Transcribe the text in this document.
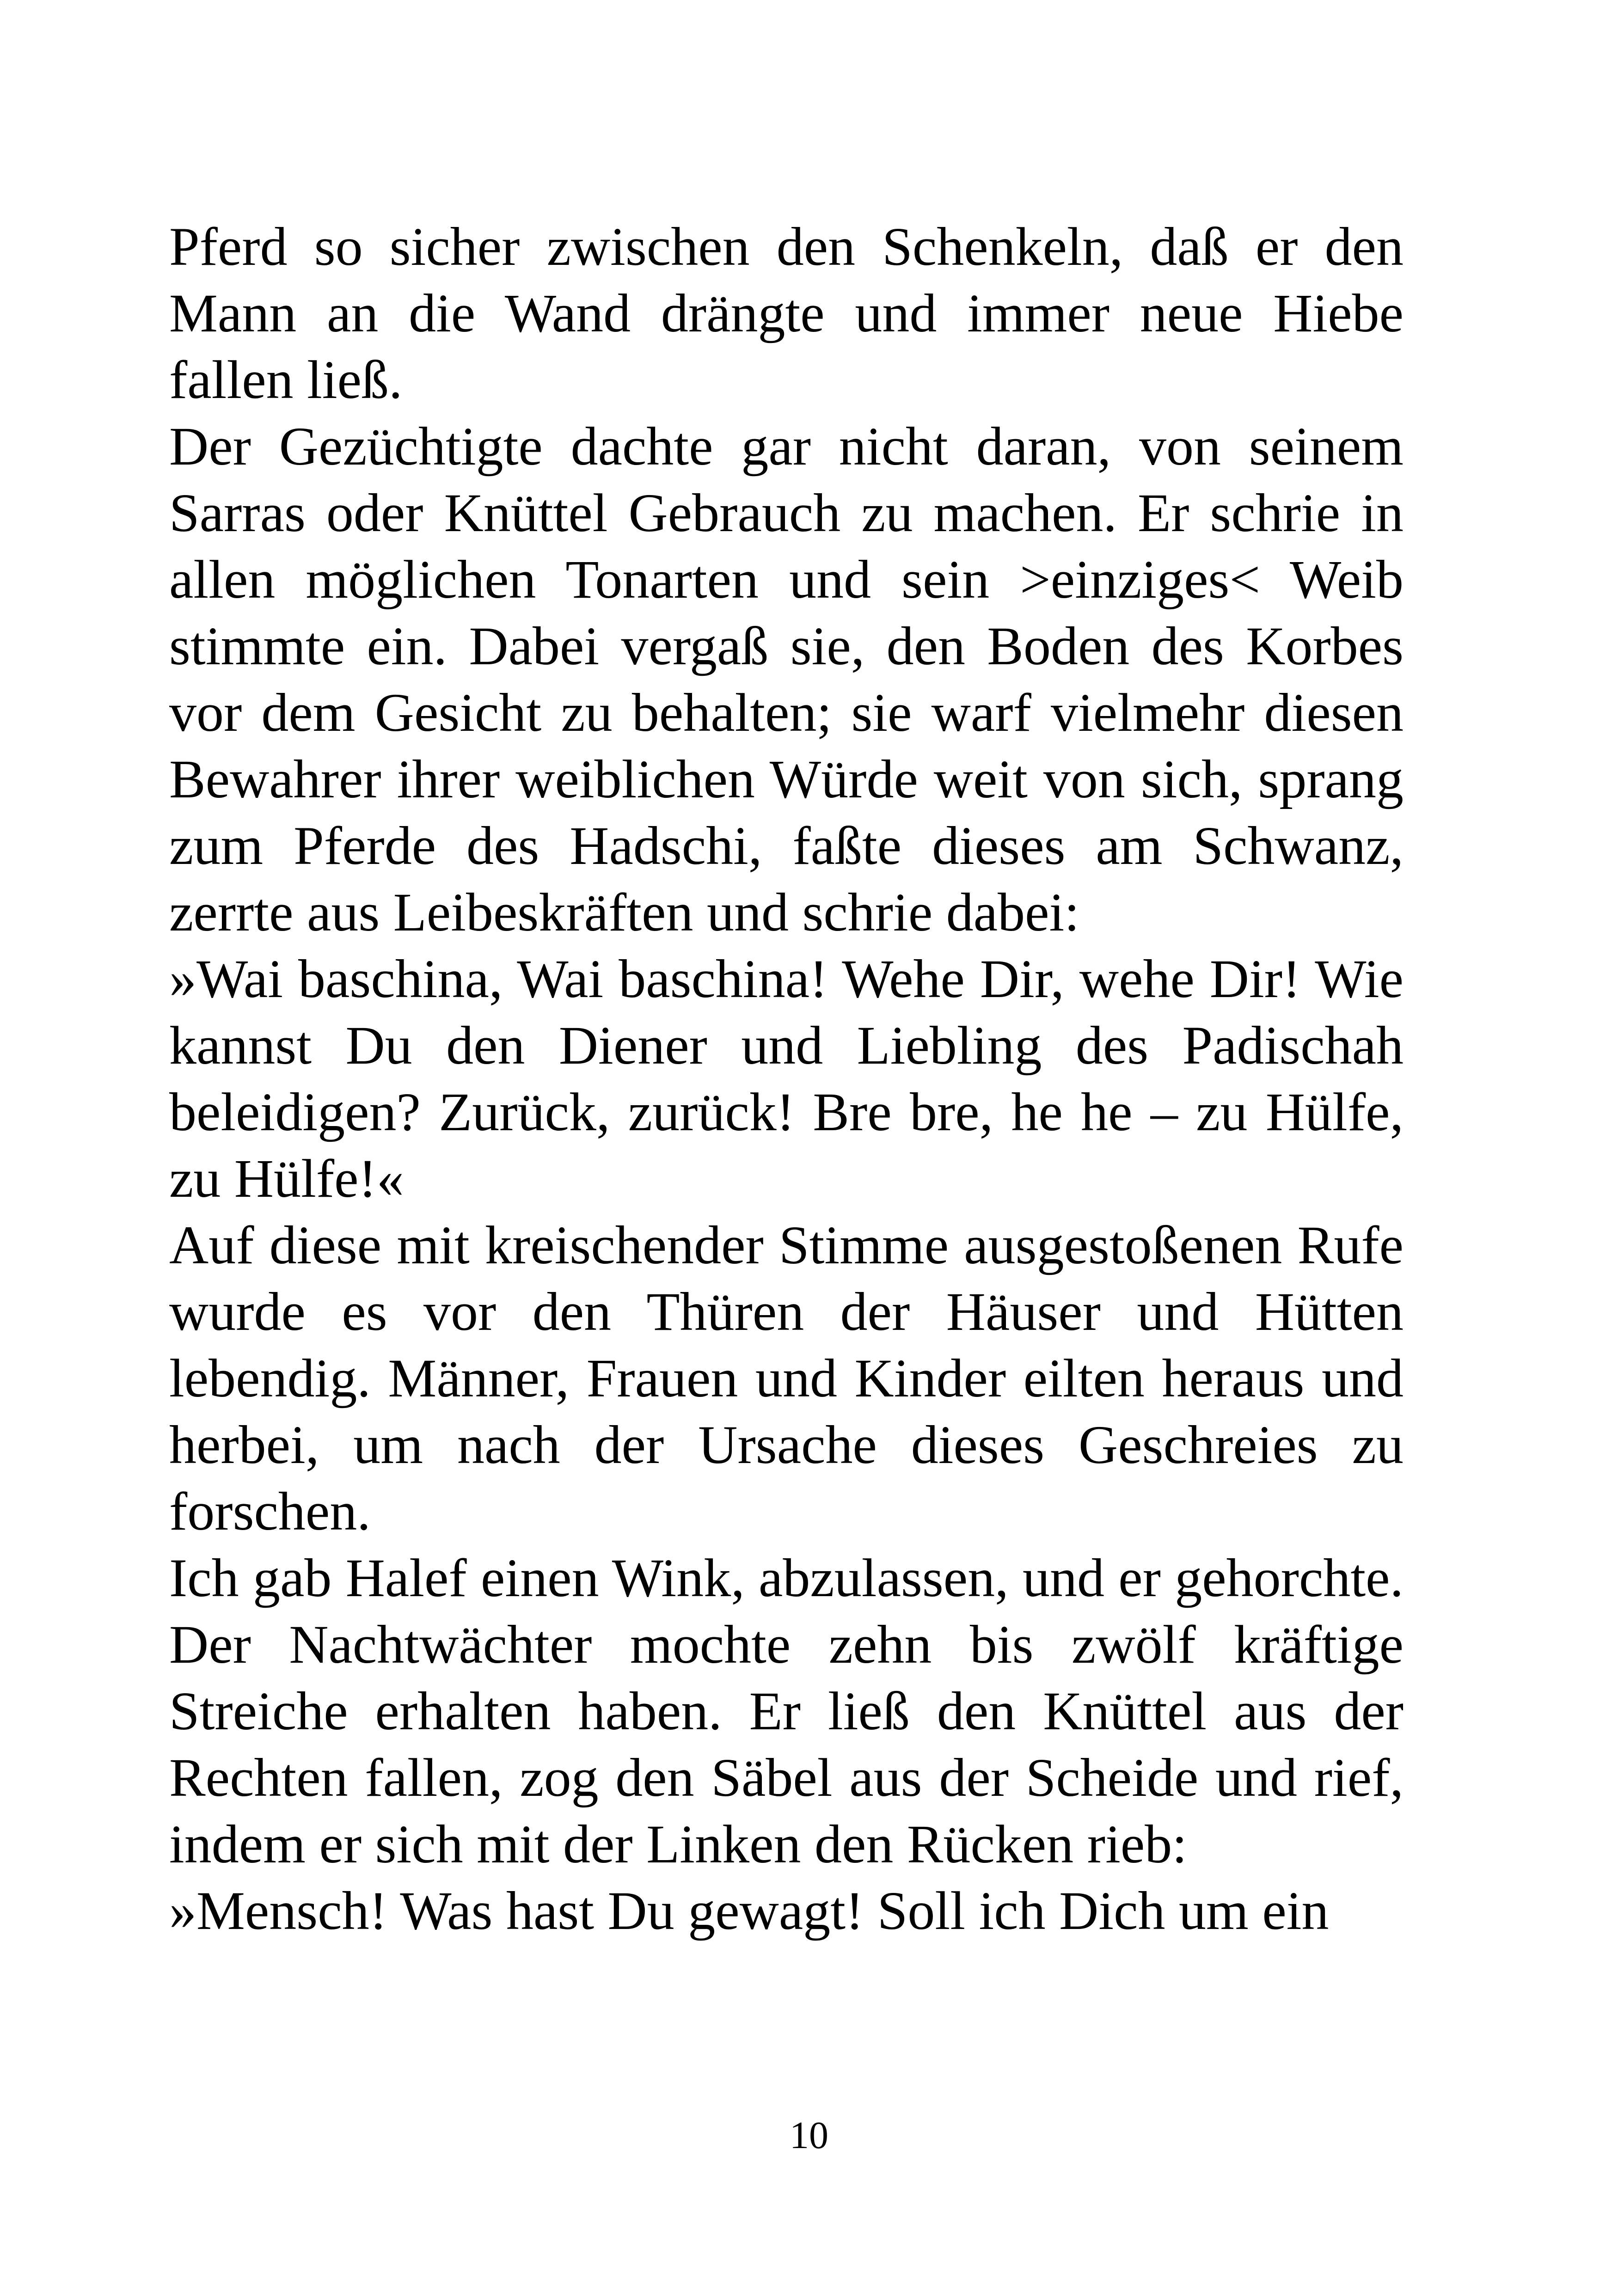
Pferd so sicher zwischen den Schenkeln, daß er den Mann an die Wand drängte und immer neue Hiebe fallen ließ.

Der Gezüchtigte dachte gar nicht daran, von seinem Sarras oder Knüttel Gebrauch zu machen. Er schrie in allen möglichen Tonarten und sein >einziges< Weib stimmte ein. Dabei vergaß sie, den Boden des Korbes vor dem Gesicht zu behalten; sie warf vielmehr diesen Bewahrer ihrer weiblichen Würde weit von sich, sprang zum Pferde des Hadschi, faßte dieses am Schwanz, zerrte aus Leibeskräften und schrie dabei:

»Wai baschina, Wai baschina! Wehe Dir, wehe Dir! Wie kannst Du den Diener und Liebling des Padischah beleidigen? Zurück, zurück! Bre bre, he he – zu Hülfe, zu Hülfe!«

Auf diese mit kreischender Stimme ausgestoßenen Rufe wurde es vor den Thüren der Häuser und Hütten lebendig. Männer, Frauen und Kinder eilten heraus und herbei, um nach der Ursache dieses Geschreies zu forschen.

Ich gab Halef einen Wink, abzulassen, und er gehorchte. Der Nachtwächter mochte zehn bis zwölf kräftige Streiche erhalten haben. Er ließ den Knüttel aus der Rechten fallen, zog den Säbel aus der Scheide und rief, indem er sich mit der Linken den Rücken rieb:

»Mensch! Was hast Du gewagt! Soll ich Dich um ein

10
